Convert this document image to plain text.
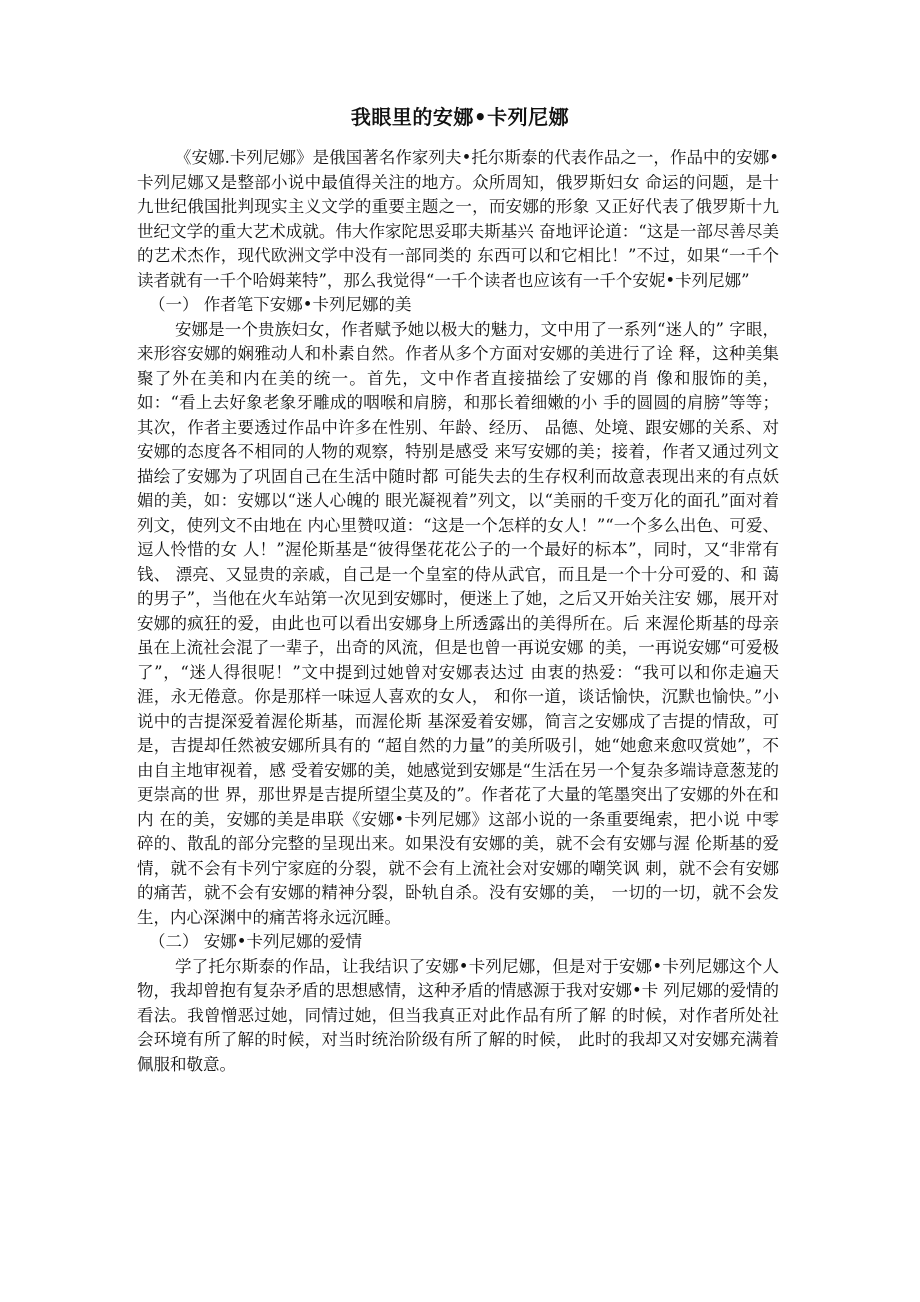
我眼里的安娜•卡列尼娜

《安娜.卡列尼娜》是俄国著名作家列夫•托尔斯泰的代表作品之一，作品中的安娜•卡列尼娜又是整部小说中最值得关注的地方。众所周知，俄罗斯妇女 命运的问题，是十九世纪俄国批判现实主义文学的重要主题之一，而安娜的形象 又正好代表了俄罗斯十九世纪文学的重大艺术成就。伟大作家陀思妥耶夫斯基兴 奋地评论道：“这是一部尽善尽美的艺术杰作，现代欧洲文学中没有一部同类的 东西可以和它相比！”不过，如果“一千个读者就有一千个哈姆莱特”，那么我觉得“一千个读者也应该有一千个安妮•卡列尼娜”

（一） 作者笔下安娜•卡列尼娜的美

安娜是一个贵族妇女，作者赋予她以极大的魅力，文中用了一系列“迷人的” 字眼，来形容安娜的娴雅动人和朴素自然。作者从多个方面对安娜的美进行了诠 释，这种美集聚了外在美和内在美的统一。首先，文中作者直接描绘了安娜的肖 像和服饰的美，如：“看上去好象老象牙雕成的咽喉和肩膀，和那长着细嫩的小 手的圆圆的肩膀”等等；其次，作者主要透过作品中许多在性别、年龄、经历、 品德、处境、跟安娜的关系、对安娜的态度各不相同的人物的观察，特别是感受 来写安娜的美；接着，作者又通过列文描绘了安娜为了巩固自己在生活中随时都 可能失去的生存权利而故意表现出来的有点妖媚的美，如：安娜以“迷人心魄的 眼光凝视着”列文，以“美丽的千变万化的面孔”面对着列文，使列文不由地在 内心里赞叹道：“这是一个怎样的女人！”“一个多么出色、可爱、逗人怜惜的女 人！”渥伦斯基是“彼得堡花花公子的一个最好的标本”，同时，又“非常有钱、 漂亮、又显贵的亲戚，自己是一个皇室的侍从武官，而且是一个十分可爱的、和 蔼的男子”，当他在火车站第一次见到安娜时，便迷上了她，之后又开始关注安 娜，展开对安娜的疯狂的爱，由此也可以看出安娜身上所透露出的美得所在。后 来渥伦斯基的母亲虽在上流社会混了一辈子，出奇的风流，但是也曾一再说安娜 的美，一再说安娜“可爱极了”，“迷人得很呢！”文中提到过她曾对安娜表达过 由衷的热爱：“我可以和你走遍天涯，永无倦意。你是那样一味逗人喜欢的女人， 和你一道，谈话愉快，沉默也愉快。”小说中的吉提深爱着渥伦斯基，而渥伦斯 基深爱着安娜，简言之安娜成了吉提的情敌，可是，吉提却任然被安娜所具有的 “超自然的力量”的美所吸引，她“她愈来愈叹赏她”，不由自主地审视着，感 受着安娜的美，她感觉到安娜是“生活在另一个复杂多端诗意葱茏的更崇高的世 界，那世界是吉提所望尘莫及的”。作者花了大量的笔墨突出了安娜的外在和内 在的美，安娜的美是串联《安娜•卡列尼娜》这部小说的一条重要绳索，把小说 中零碎的、散乱的部分完整的呈现出来。如果没有安娜的美，就不会有安娜与渥 伦斯基的爱情，就不会有卡列宁家庭的分裂，就不会有上流社会对安娜的嘲笑讽 刺，就不会有安娜的痛苦，就不会有安娜的精神分裂，卧轨自杀。没有安娜的美， 一切的一切，就不会发生，内心深渊中的痛苦将永远沉睡。

（二） 安娜•卡列尼娜的爱情

学了托尔斯泰的作品，让我结识了安娜•卡列尼娜，但是对于安娜•卡列尼娜这个人物，我却曾抱有复杂矛盾的思想感情，这种矛盾的情感源于我对安娜•卡 列尼娜的爱情的看法。我曾憎恶过她，同情过她，但当我真正对此作品有所了解 的时候，对作者所处社会环境有所了解的时候，对当时统治阶级有所了解的时候， 此时的我却又对安娜充满着佩服和敬意。
